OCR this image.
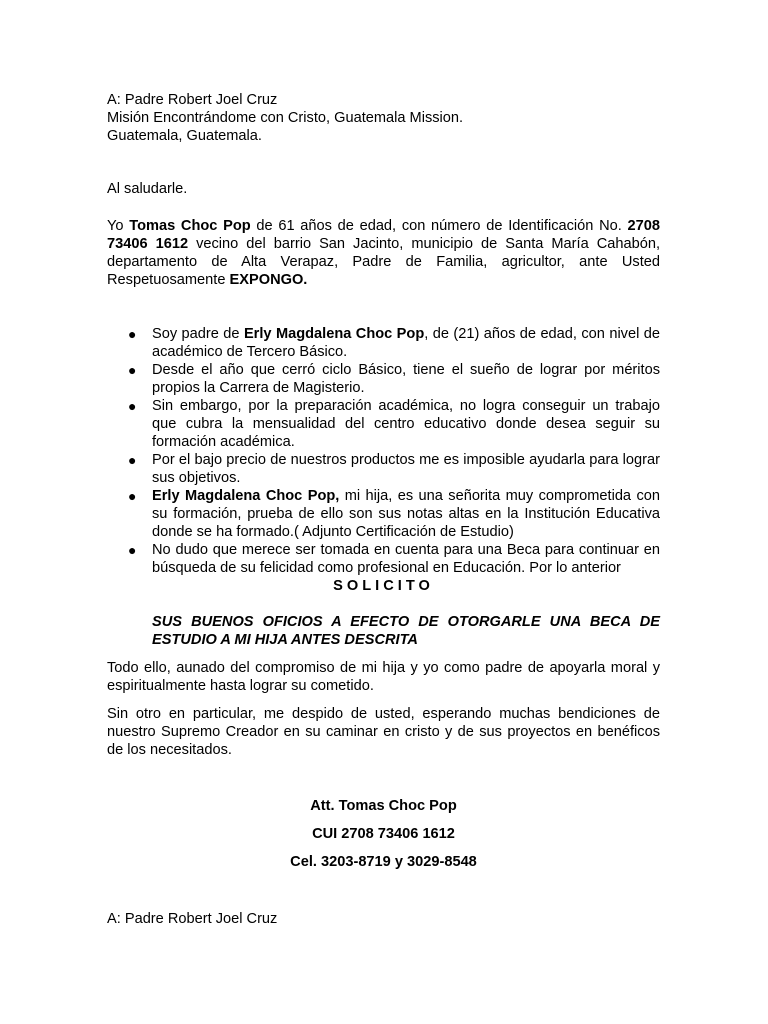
A: Padre Robert Joel Cruz
Misión Encontrándome con Cristo, Guatemala Mission.
Guatemala, Guatemala.
Al saludarle.
Yo Tomas Choc Pop de 61 años de edad, con número de Identificación No. 2708 73406 1612 vecino del barrio San Jacinto, municipio de Santa María Cahabón, departamento de Alta Verapaz, Padre de Familia, agricultor, ante Usted Respetuosamente EXPONGO.
● Soy padre de Erly Magdalena Choc Pop, de (21) años de edad, con nivel de académico de Tercero Básico.
● Desde el año que cerró ciclo Básico, tiene el sueño de lograr por méritos propios la Carrera de Magisterio.
● Sin embargo, por la preparación académica, no logra conseguir un trabajo que cubra la mensualidad del centro educativo donde desea seguir su formación académica.
● Por el bajo precio de nuestros productos me es imposible ayudarla para lograr sus objetivos.
● Erly Magdalena Choc Pop, mi hija, es una señorita muy comprometida con su formación, prueba de ello son sus notas altas en la Institución Educativa donde se ha formado.( Adjunto Certificación de Estudio)
● No dudo que merece ser tomada en cuenta para una Beca para continuar en búsqueda de su felicidad como profesional en Educación. Por lo anterior
SOLICITO
SUS BUENOS OFICIOS A EFECTO DE OTORGARLE UNA BECA DE ESTUDIO A MI HIJA ANTES DESCRITA
Todo ello, aunado del compromiso de mi hija y yo como padre de apoyarla moral y espiritualmente hasta lograr su cometido.
Sin otro en particular, me despido de usted, esperando muchas bendiciones de nuestro Supremo Creador en su caminar en cristo y de sus proyectos en benéficos de los necesitados.
Att. Tomas Choc Pop
CUI 2708 73406 1612
Cel. 3203-8719 y 3029-8548
A: Padre Robert Joel Cruz
